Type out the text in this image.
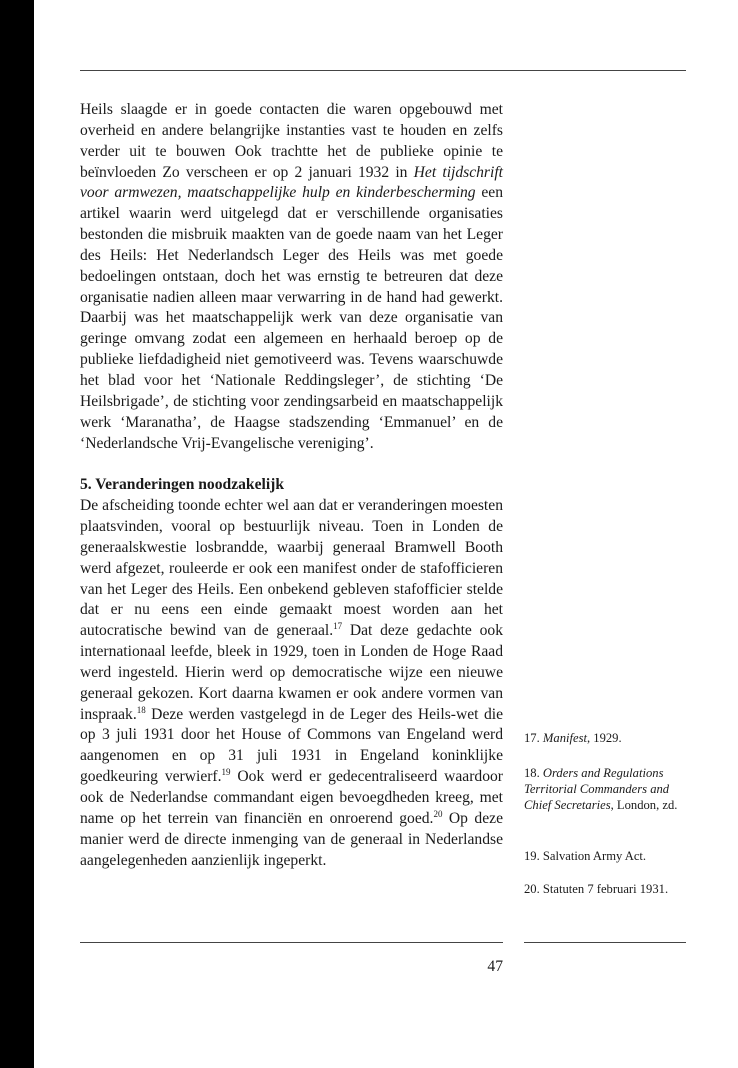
Heils slaagde er in goede contacten die waren opgebouwd met overheid en andere belangrijke instanties vast te houden en zelfs verder uit te bouwen Ook trachtte het de publieke opinie te beïnvloeden Zo verscheen er op 2 januari 1932 in Het tijdschrift voor armwezen, maatschappelijke hulp en kinderbescherming een artikel waarin werd uitgelegd dat er verschillende organisaties bestonden die misbruik maakten van de goede naam van het Leger des Heils: Het Nederlandsch Leger des Heils was met goede bedoelingen ontstaan, doch het was ernstig te betreuren dat deze organisatie nadien alleen maar verwarring in de hand had gewerkt. Daarbij was het maatschappelijk werk van deze organisatie van geringe omvang zodat een algemeen en herhaald beroep op de publieke liefdadigheid niet gemotiveerd was. Tevens waarschuwde het blad voor het ‘Nationale Reddingsleger’, de stichting ‘De Heilsbrigade’, de stichting voor zendingsarbeid en maatschappelijk werk ‘Maranatha’, de Haagse stadszending ‘Emmanuel’ en de ‘Nederlandsche Vrij-Evangelische vereniging’.

5. Veranderingen noodzakelijk

De afscheiding toonde echter wel aan dat er veranderingen moesten plaatsvinden, vooral op bestuurlijk niveau. Toen in Londen de generaalskwestie losbrandde, waarbij generaal Bramwell Booth werd afgezet, rouleerde er ook een manifest onder de stafofficieren van het Leger des Heils. Een onbekend gebleven stafofficier stelde dat er nu eens een einde gemaakt moest worden aan het autocratische bewind van de generaal.$^{17}$ Dat deze gedachte ook internationaal leefde, bleek in 1929, toen in Londen de Hoge Raad werd ingesteld. Hierin werd op democratische wijze een nieuwe generaal gekozen. Kort daarna kwamen er ook andere vormen van inspraak.$^{18}$ Deze werden vastgelegd in de Leger des Heils-wet die op 3 juli 1931 door het House of Commons van Engeland werd aangenomen en op 31 juli 1931 in Engeland koninklijke goedkeuring verwierf.$^{19}$ Ook werd er gedecentraliseerd waardoor ook de Nederlandse commandant eigen bevoegdheden kreeg, met name op het terrein van financiën en onroerend goed.$^{20}$ Op deze manier werd de directe inmenging van de generaal in Nederlandse aangelegenheden aanzienlijk ingeperkt.

17. Manifest, 1929.
18. Orders and Regulations Territorial Commanders and Chief Secretaries, London, zd.
19. Salvation Army Act.
20. Statuten 7 februari 1931.
47
